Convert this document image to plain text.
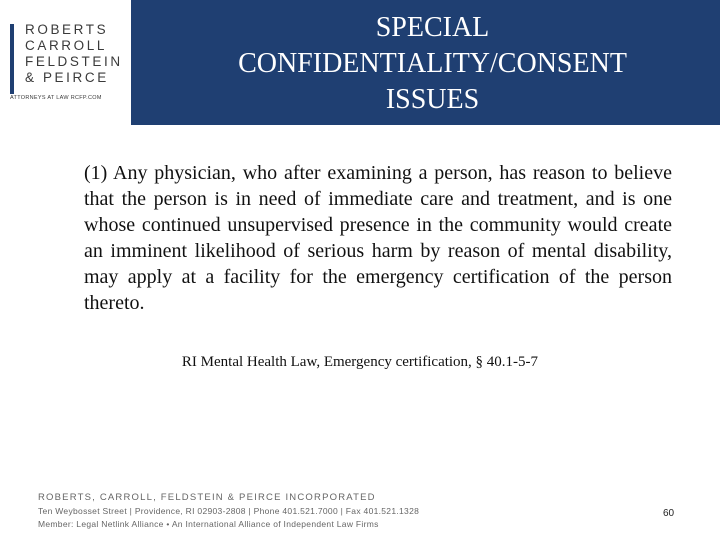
ROBERTS
CARROLL
FELDSTEIN
& PEIRCE
ATTORNEYS AT LAW RCFP.COM
SPECIAL
CONFIDENTIALITY/CONSENT
ISSUES
(1) Any physician, who after examining a person, has reason to believe that the person is in need of immediate care and treatment, and is one whose continued unsupervised presence in the community would create an imminent likelihood of serious harm by reason of mental disability, may apply at a facility for the emergency certification of the person thereto.
RI Mental Health Law, Emergency certification, § 40.1-5-7
ROBERTS, CARROLL, FELDSTEIN & PEIRCE INCORPORATED
Ten Weybosset Street | Providence, RI 02903-2808 | Phone 401.521.7000 | Fax 401.521.1328
Member: Legal Netlink Alliance • An International Alliance of Independent Law Firms
60
